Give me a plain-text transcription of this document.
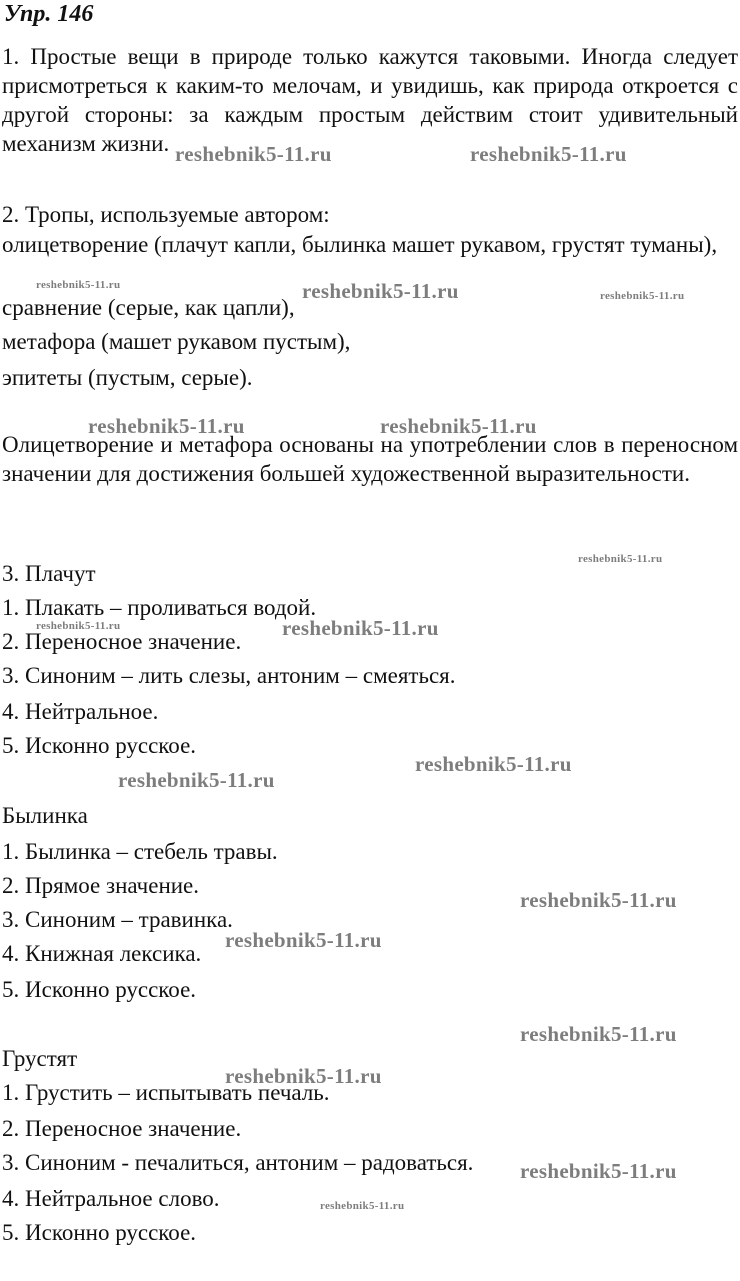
Упр. 146
1. Простые вещи в природе только кажутся таковыми. Иногда следует присмотреться к каким-то мелочам, и увидишь, как природа откроется с другой стороны: за каждым простым действим стоит удивительный механизм жизни.
2. Тропы, используемые автором:
олицетворение (плачут капли, былинка машет рукавом, грустят туманы),
сравнение (серые, как цапли),
метафора (машет рукавом пустым),
эпитеты (пустым, серые).
Олицетворение и метафора основаны на употреблении слов в переносном значении для достижения большей художественной выразительности.
3. Плачут
1. Плакать – проливаться водой.
2. Переносное значение.
3. Синоним – лить слезы, антоним – смеяться.
4. Нейтральное.
5. Исконно русское.
Былинка
1. Былинка – стебель травы.
2. Прямое значение.
3. Синоним – травинка.
4. Книжная лексика.
5. Исконно русское.
Грустят
1. Грустить – испытывать печаль.
2. Переносное значение.
3. Синоним - печалиться, антоним – радоваться.
4. Нейтральное слово.
5. Исконно русское.
reshebnik5-11.ru	reshebnik5-11.ru
reshebnik5-11.ru	reshebnik5-11.ru	reshebnik5-11.ru
reshebnik5-11.ru	reshebnik5-11.ru
reshebnik5-11.ru
reshebnik5-11.ru	reshebnik5-11.ru
reshebnik5-11.ru
reshebnik5-11.ru
reshebnik5-11.ru
reshebnik5-11.ru
reshebnik5-11.ru
reshebnik5-11.ru
reshebnik5-11.ru
reshebnik5-11.ru
